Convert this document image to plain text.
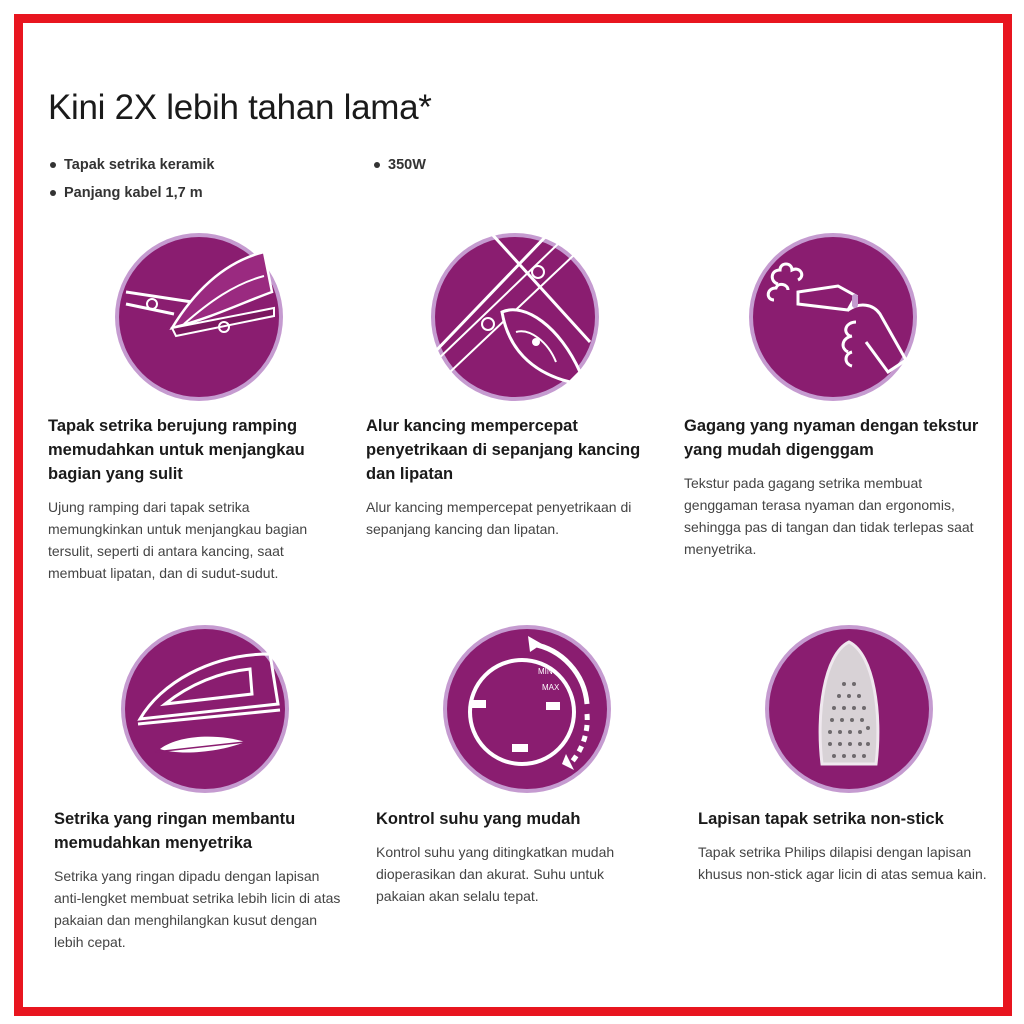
Kini 2X lebih tahan lama*
Tapak setrika keramik	350W
Panjang kabel 1,7 m
MIN
MAX

Tapak setrika berujung ramping memudahkan untuk menjangkau bagian yang sulit

Ujung ramping dari tapak setrika memungkinkan untuk menjangkau bagian tersulit, seperti di antara kancing, saat membuat lipatan, dan di sudut-sudut.

Alur kancing mempercepat penyetrikaan di sepanjang kancing dan lipatan

Alur kancing mempercepat penyetrikaan di sepanjang kancing dan lipatan.

Gagang yang nyaman dengan tekstur yang mudah digenggam

Tekstur pada gagang setrika membuat genggaman terasa nyaman dan ergonomis, sehingga pas di tangan dan tidak terlepas saat menyetrika.

Setrika yang ringan membantu memudahkan menyetrika

Setrika yang ringan dipadu dengan lapisan anti-lengket membuat setrika lebih licin di atas pakaian dan menghilangkan kusut dengan lebih cepat.

Kontrol suhu yang mudah

Kontrol suhu yang ditingkatkan mudah dioperasikan dan akurat. Suhu untuk pakaian akan selalu tepat.

Lapisan tapak setrika non-stick

Tapak setrika Philips dilapisi dengan lapisan khusus non-stick agar licin di atas semua kain.
